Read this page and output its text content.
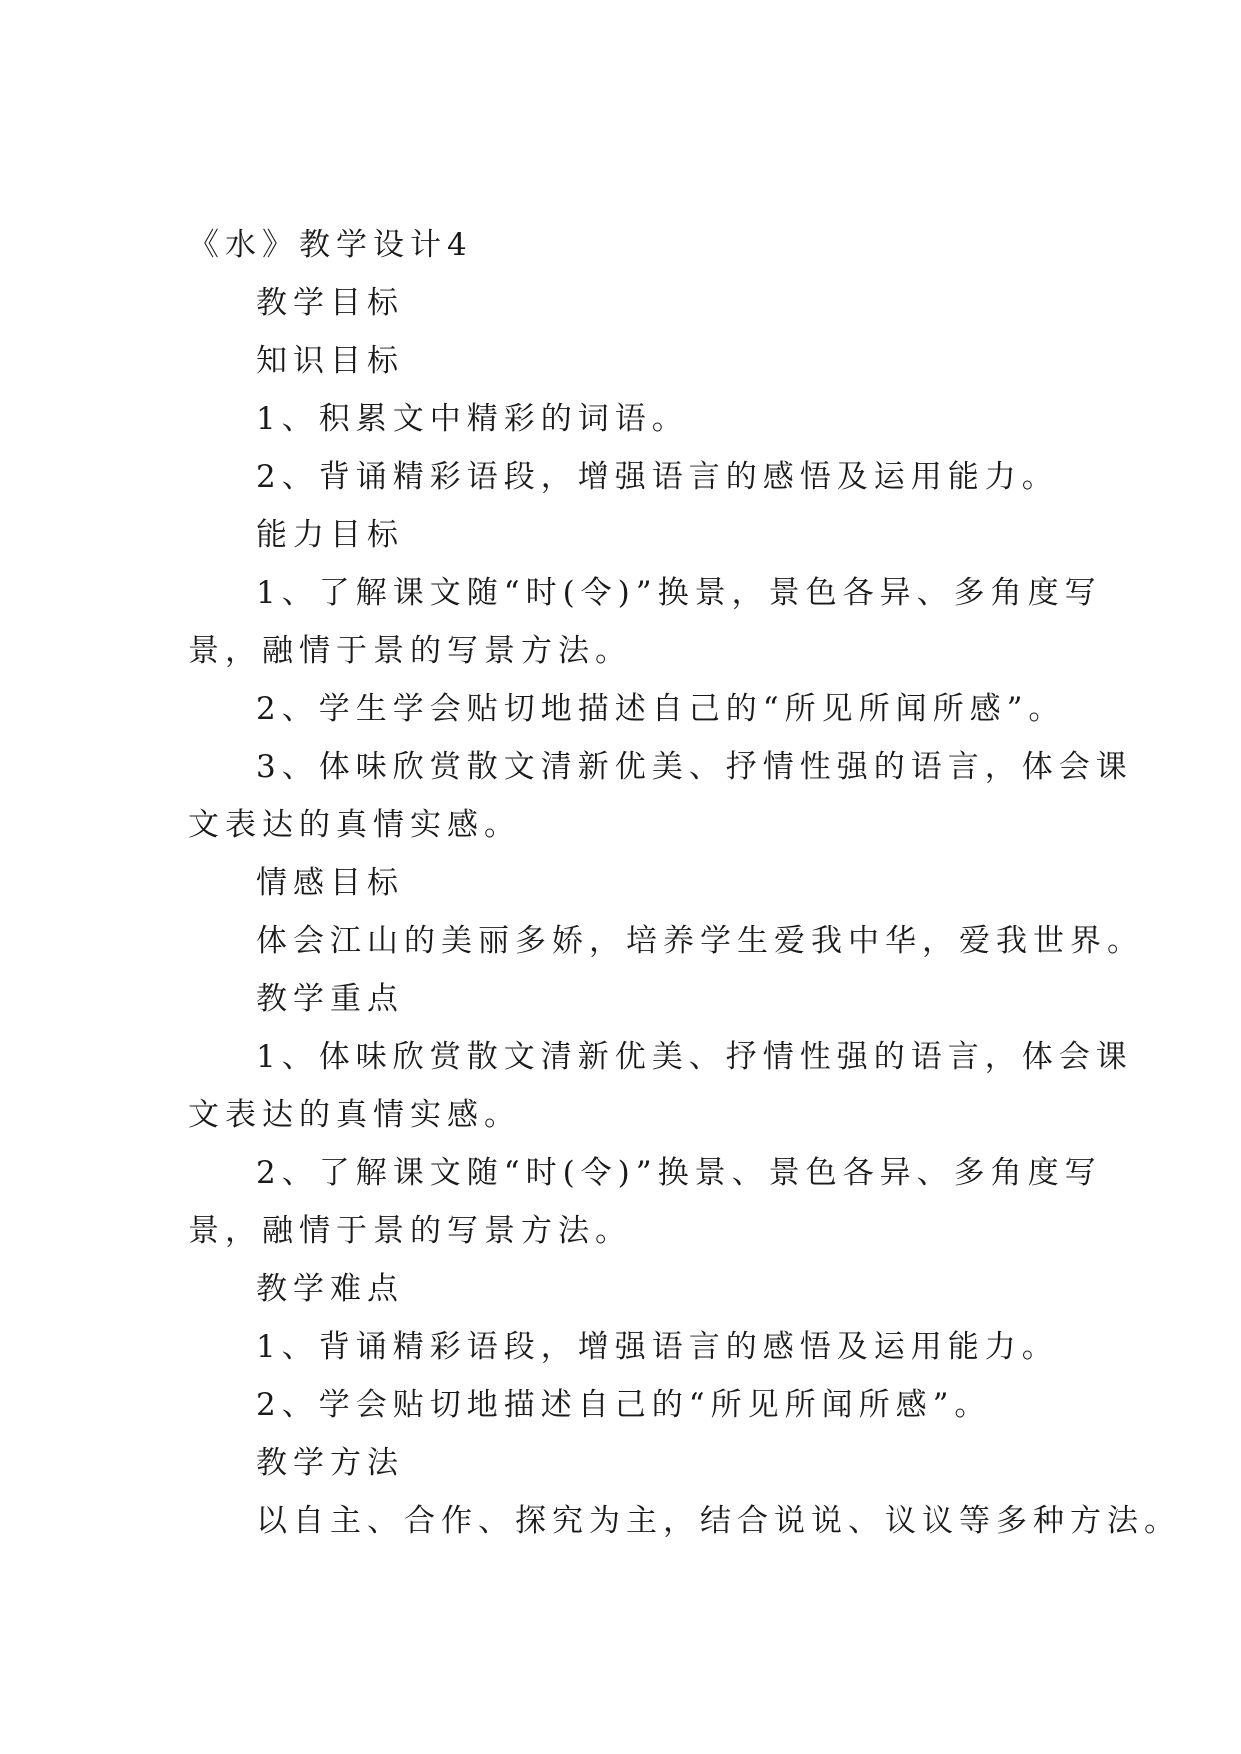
《水》教学设计4
教学目标
知识目标
1、积累文中精彩的词语。
2、背诵精彩语段，增强语言的感悟及运用能力。
能力目标
1、了解课文随“时(令)”换景，景色各异、多角度写
景，融情于景的写景方法。
2、学生学会贴切地描述自己的“所见所闻所感”。
3、体味欣赏散文清新优美、抒情性强的语言，体会课
文表达的真情实感。
情感目标
体会江山的美丽多娇，培养学生爱我中华，爱我世界。
教学重点
1、体味欣赏散文清新优美、抒情性强的语言，体会课
文表达的真情实感。
2、了解课文随“时(令)”换景、景色各异、多角度写
景，融情于景的写景方法。
教学难点
1、背诵精彩语段，增强语言的感悟及运用能力。
2、学会贴切地描述自己的“所见所闻所感”。
教学方法
以自主、合作、探究为主，结合说说、议议等多种方法。
